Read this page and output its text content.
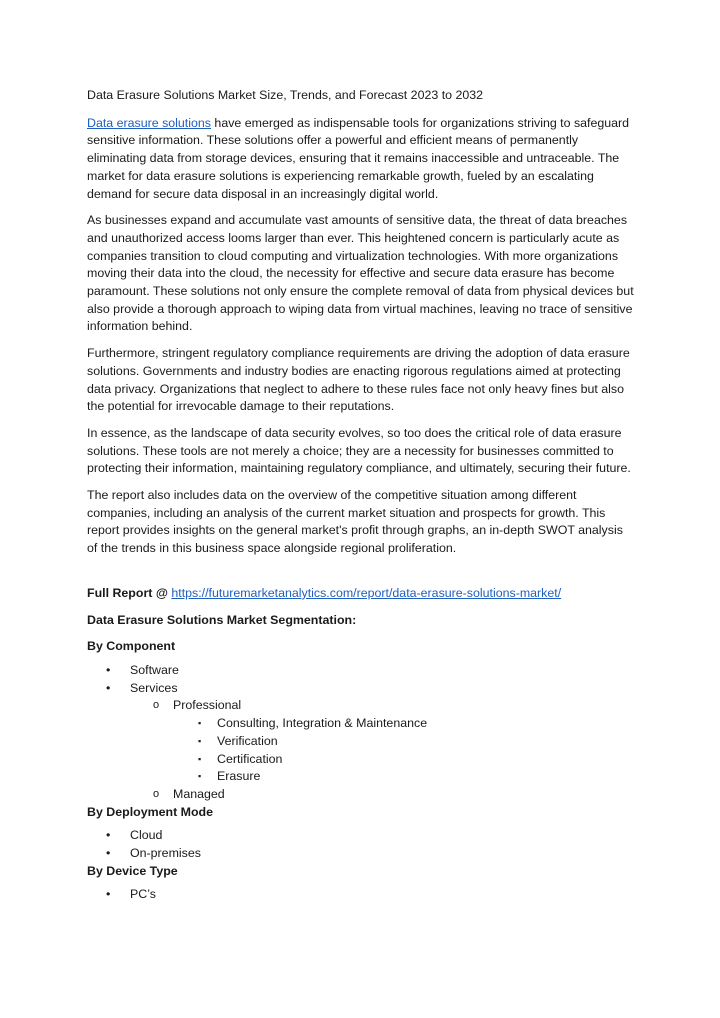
Data Erasure Solutions Market Size, Trends, and Forecast 2023 to 2032

Data erasure solutions have emerged as indispensable tools for organizations striving to safeguard sensitive information. These solutions offer a powerful and efficient means of permanently eliminating data from storage devices, ensuring that it remains inaccessible and untraceable. The market for data erasure solutions is experiencing remarkable growth, fueled by an escalating demand for secure data disposal in an increasingly digital world.

As businesses expand and accumulate vast amounts of sensitive data, the threat of data breaches and unauthorized access looms larger than ever. This heightened concern is particularly acute as companies transition to cloud computing and virtualization technologies. With more organizations moving their data into the cloud, the necessity for effective and secure data erasure has become paramount. These solutions not only ensure the complete removal of data from physical devices but also provide a thorough approach to wiping data from virtual machines, leaving no trace of sensitive information behind.

Furthermore, stringent regulatory compliance requirements are driving the adoption of data erasure solutions. Governments and industry bodies are enacting rigorous regulations aimed at protecting data privacy. Organizations that neglect to adhere to these rules face not only heavy fines but also the potential for irrevocable damage to their reputations.

In essence, as the landscape of data security evolves, so too does the critical role of data erasure solutions. These tools are not merely a choice; they are a necessity for businesses committed to protecting their information, maintaining regulatory compliance, and ultimately, securing their future.

The report also includes data on the overview of the competitive situation among different companies, including an analysis of the current market situation and prospects for growth. This report provides insights on the general market's profit through graphs, an in-depth SWOT analysis of the trends in this business space alongside regional proliferation.

Full Report @ https://futuremarketanalytics.com/report/data-erasure-solutions-market/

Data Erasure Solutions Market Segmentation:

By Component

• Software
• Services
o Professional
▪ Consulting, Integration & Maintenance
▪ Verification
▪ Certification
▪ Erasure
o Managed

By Deployment Mode

• Cloud
• On-premises

By Device Type

• PC’s
